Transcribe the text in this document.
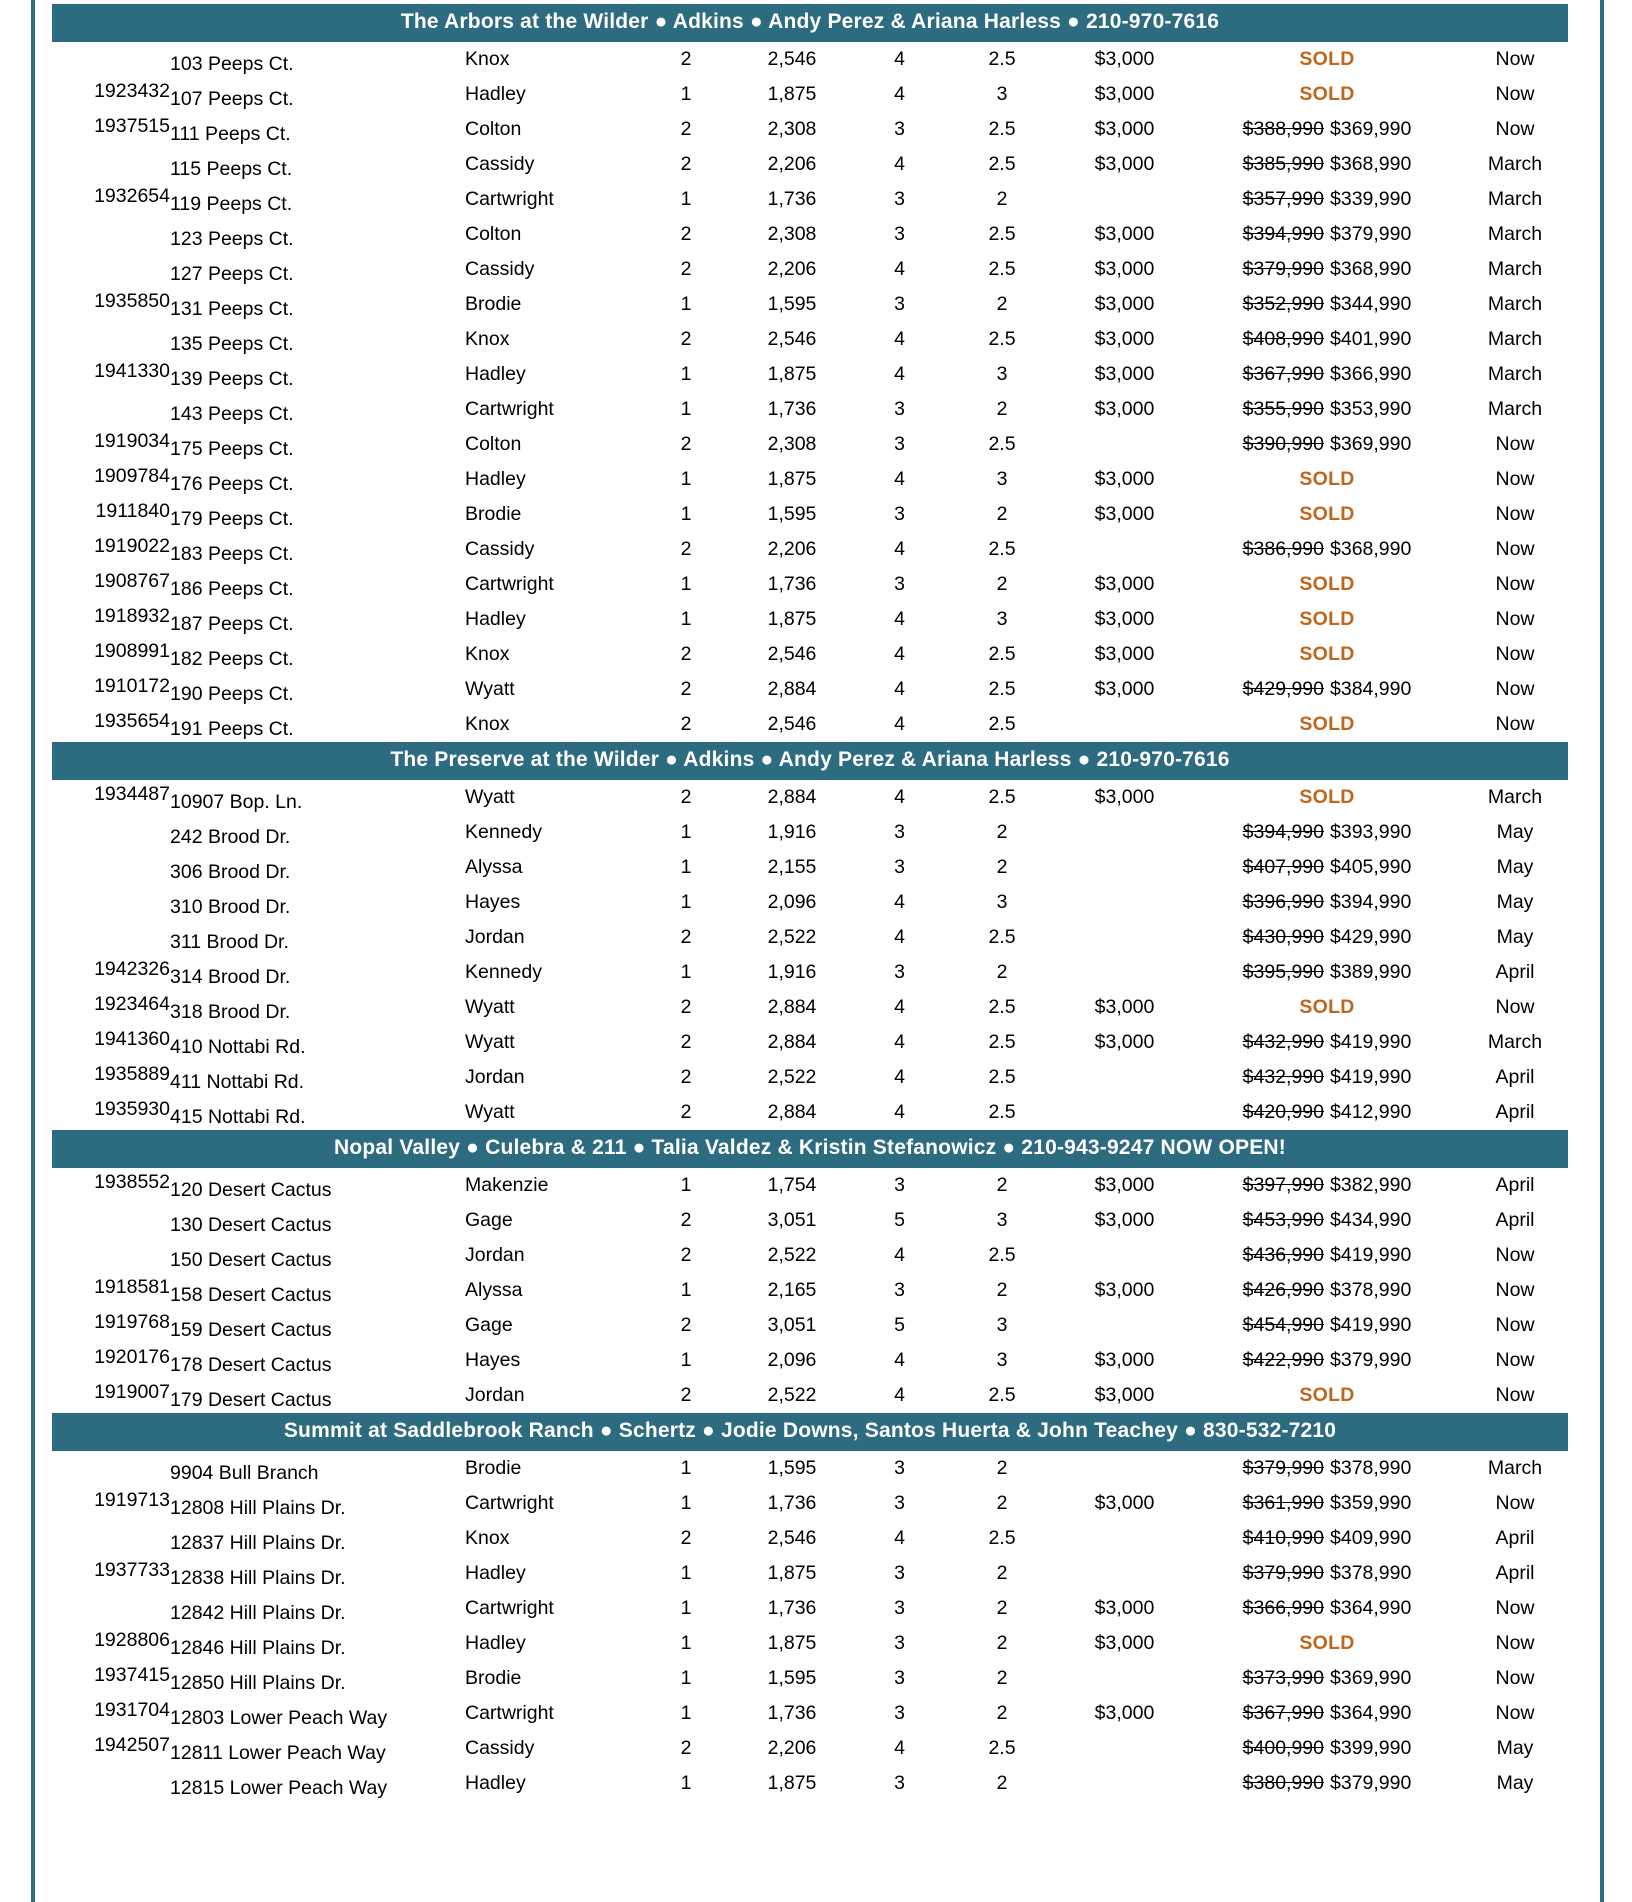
The Arbors at the Wilder ● Adkins ● Andy Perez & Ariana Harless ● 210-970-7616									
	103 Peeps Ct.	Knox	2	2,546	4	2.5	$3,000	SOLD	Now
1923432	107 Peeps Ct.	Hadley	1	1,875	4	3	$3,000	SOLD	Now
1937515	111 Peeps Ct.	Colton	2	2,308	3	2.5	$3,000	$388,990 $369,990	Now
	115 Peeps Ct.	Cassidy	2	2,206	4	2.5	$3,000	$385,990 $368,990	March
1932654	119 Peeps Ct.	Cartwright	1	1,736	3	2		$357,990 $339,990	March
	123 Peeps Ct.	Colton	2	2,308	3	2.5	$3,000	$394,990 $379,990	March
	127 Peeps Ct.	Cassidy	2	2,206	4	2.5	$3,000	$379,990 $368,990	March
1935850	131 Peeps Ct.	Brodie	1	1,595	3	2	$3,000	$352,990 $344,990	March
	135 Peeps Ct.	Knox	2	2,546	4	2.5	$3,000	$408,990 $401,990	March
1941330	139 Peeps Ct.	Hadley	1	1,875	4	3	$3,000	$367,990 $366,990	March
	143 Peeps Ct.	Cartwright	1	1,736	3	2	$3,000	$355,990 $353,990	March
1919034	175 Peeps Ct.	Colton	2	2,308	3	2.5		$390,990 $369,990	Now
1909784	176 Peeps Ct.	Hadley	1	1,875	4	3	$3,000	SOLD	Now
1911840	179 Peeps Ct.	Brodie	1	1,595	3	2	$3,000	SOLD	Now
1919022	183 Peeps Ct.	Cassidy	2	2,206	4	2.5		$386,990 $368,990	Now
1908767	186 Peeps Ct.	Cartwright	1	1,736	3	2	$3,000	SOLD	Now
1918932	187 Peeps Ct.	Hadley	1	1,875	4	3	$3,000	SOLD	Now
1908991	182 Peeps Ct.	Knox	2	2,546	4	2.5	$3,000	SOLD	Now
1910172	190 Peeps Ct.	Wyatt	2	2,884	4	2.5	$3,000	$429,990 $384,990	Now
1935654	191 Peeps Ct.	Knox	2	2,546	4	2.5		SOLD	Now
The Preserve at the Wilder ● Adkins ● Andy Perez & Ariana Harless ● 210-970-7616									
1934487	10907 Bop. Ln.	Wyatt	2	2,884	4	2.5	$3,000	SOLD	March
	242 Brood Dr.	Kennedy	1	1,916	3	2		$394,990 $393,990	May
	306 Brood Dr.	Alyssa	1	2,155	3	2		$407,990 $405,990	May
	310 Brood Dr.	Hayes	1	2,096	4	3		$396,990 $394,990	May
	311 Brood Dr.	Jordan	2	2,522	4	2.5		$430,990 $429,990	May
1942326	314 Brood Dr.	Kennedy	1	1,916	3	2		$395,990 $389,990	April
1923464	318 Brood Dr.	Wyatt	2	2,884	4	2.5	$3,000	SOLD	Now
1941360	410 Nottabi Rd.	Wyatt	2	2,884	4	2.5	$3,000	$432,990 $419,990	March
1935889	411 Nottabi Rd.	Jordan	2	2,522	4	2.5		$432,990 $419,990	April
1935930	415 Nottabi Rd.	Wyatt	2	2,884	4	2.5		$420,990 $412,990	April
Nopal Valley ● Culebra & 211 ● Talia Valdez & Kristin Stefanowicz ● 210-943-9247 NOW OPEN!									
1938552	120 Desert Cactus	Makenzie	1	1,754	3	2	$3,000	$397,990 $382,990	April
	130 Desert Cactus	Gage	2	3,051	5	3	$3,000	$453,990 $434,990	April
	150 Desert Cactus	Jordan	2	2,522	4	2.5		$436,990 $419,990	Now
1918581	158 Desert Cactus	Alyssa	1	2,165	3	2	$3,000	$426,990 $378,990	Now
1919768	159 Desert Cactus	Gage	2	3,051	5	3		$454,990 $419,990	Now
1920176	178 Desert Cactus	Hayes	1	2,096	4	3	$3,000	$422,990 $379,990	Now
1919007	179 Desert Cactus	Jordan	2	2,522	4	2.5	$3,000	SOLD	Now
Summit at Saddlebrook Ranch ● Schertz ● Jodie Downs, Santos Huerta & John Teachey ● 830-532-7210									
	9904 Bull Branch	Brodie	1	1,595	3	2		$379,990 $378,990	March
1919713	12808 Hill Plains Dr.	Cartwright	1	1,736	3	2	$3,000	$361,990 $359,990	Now
	12837 Hill Plains Dr.	Knox	2	2,546	4	2.5		$410,990 $409,990	April
1937733	12838 Hill Plains Dr.	Hadley	1	1,875	3	2		$379,990 $378,990	April
	12842 Hill Plains Dr.	Cartwright	1	1,736	3	2	$3,000	$366,990 $364,990	Now
1928806	12846 Hill Plains Dr.	Hadley	1	1,875	3	2	$3,000	SOLD	Now
1937415	12850 Hill Plains Dr.	Brodie	1	1,595	3	2		$373,990 $369,990	Now
1931704	12803 Lower Peach Way	Cartwright	1	1,736	3	2	$3,000	$367,990 $364,990	Now
1942507	12811 Lower Peach Way	Cassidy	2	2,206	4	2.5		$400,990 $399,990	May
	12815 Lower Peach Way	Hadley	1	1,875	3	2		$380,990 $379,990	May
